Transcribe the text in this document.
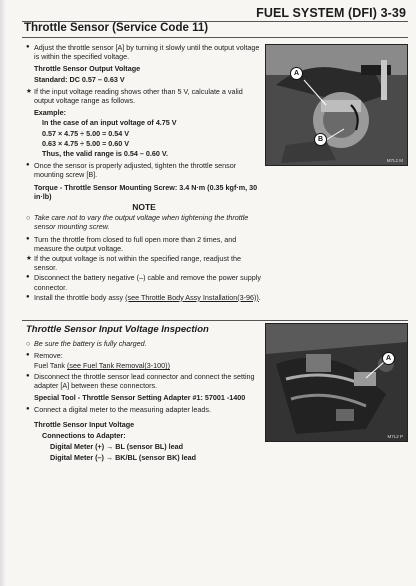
FUEL SYSTEM (DFI) 3-39
Throttle Sensor (Service Code 11)

● Adjust the throttle sensor [A] by turning it slowly until the output voltage is within the specified voltage.

Throttle Sensor Output Voltage

Standard: DC 0.57 – 0.63 V

★ If the input voltage reading shows other than 5 V, calculate a valid output voltage range as follows.

Example:

In the case of an input voltage of 4.75 V

0.57 × 4.75 ÷ 5.00 = 0.54 V

0.63 × 4.75 ÷ 5.00 = 0.60 V

Thus, the valid range is 0.54 – 0.60 V.

● Once the sensor is properly adjusted, tighten the throttle sensor mounting screw [B].

Torque - Throttle Sensor Mounting Screw: 3.4 N·m (0.35 kgf·m, 30 in·lb)

NOTE

○ Take care not to vary the output voltage when tightening the throttle sensor mounting screw.

● Turn the throttle from closed to full open more than 2 times, and measure the output voltage.

★ If the output voltage is not within the specified range, readjust the sensor.

● Disconnect the battery negative (–) cable and remove the power supply connector.

● Install the throttle body assy (see Throttle Body Assy Installation(3-96)).

Throttle Sensor Input Voltage Inspection

○ Be sure the battery is fully charged.

● Remove:

Fuel Tank (see Fuel Tank Removal(3-100))

● Disconnect the throttle sensor lead connector and connect the setting adapter [A] between these connectors.

Special Tool - Throttle Sensor Setting Adapter #1: 57001 -1400

● Connect a digital meter to the measuring adapter leads.

Throttle Sensor Input Voltage

Connections to Adapter:

Digital Meter (+) → BL (sensor BL) lead

Digital Meter (–) → BK/BL (sensor BK) lead

A
B
M7L2 M
A
M7L2 P
